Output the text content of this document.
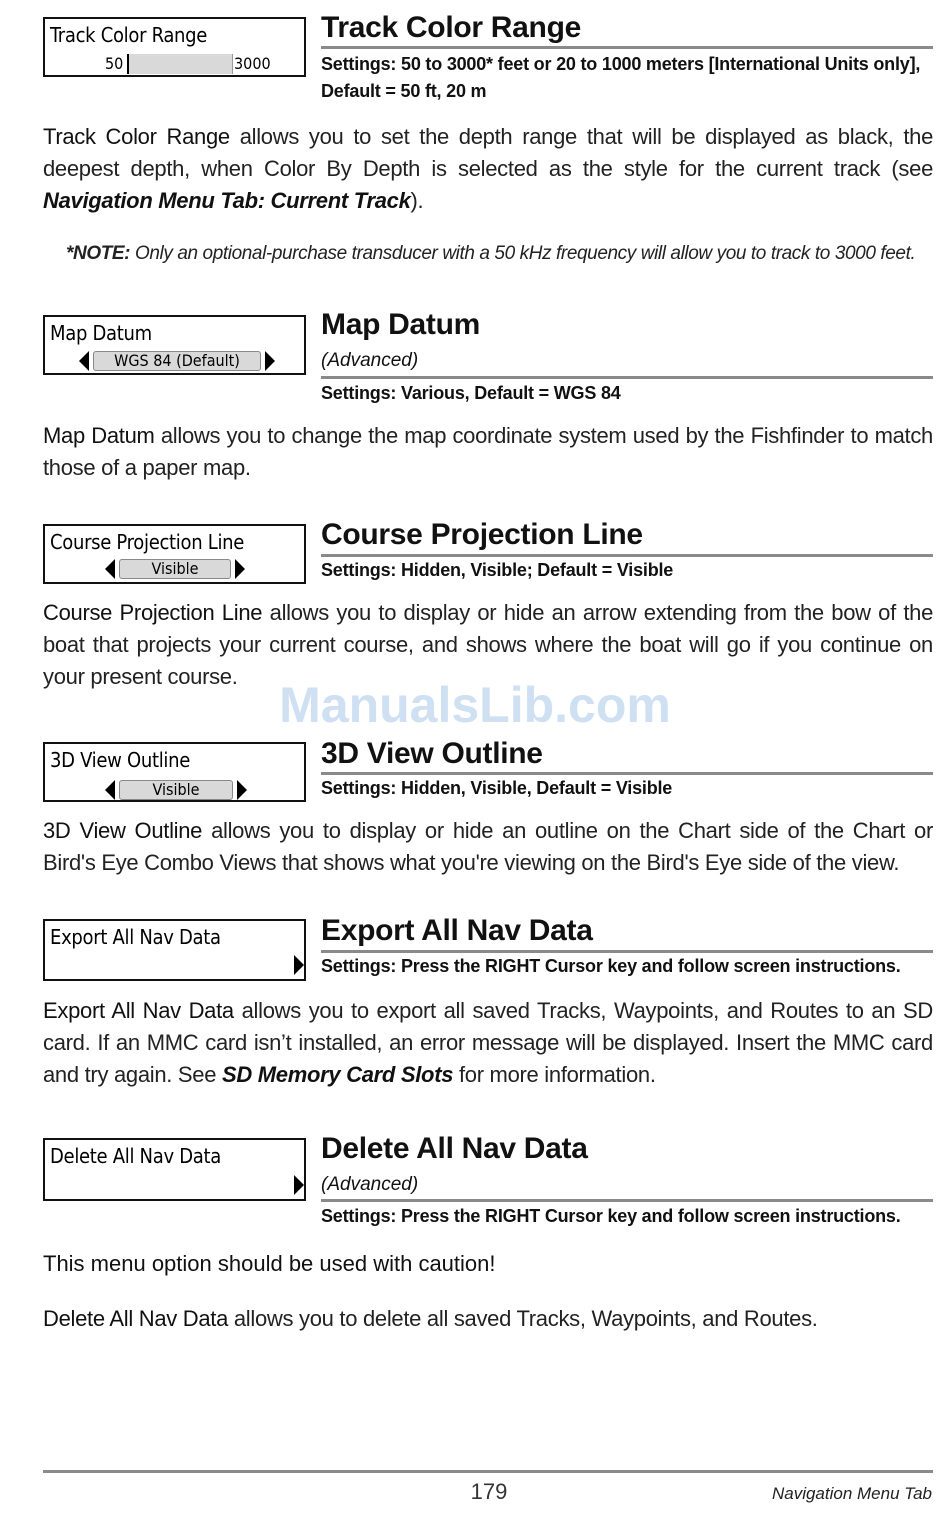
Track Color Range
50	3000
Track Color Range
Settings: 50 to 3000* feet or 20 to 1000 meters [International Units only], Default = 50 ft, 20 m
Track Color Range allows you to set the depth range that will be displayed as black, the deepest depth, when Color By Depth is selected as the style for the current track (see Navigation Menu Tab: Current Track).
*NOTE: Only an optional-purchase transducer with a 50 kHz frequency will allow you to track to 3000 feet.
Map Datum
WGS 84 (Default)
Map Datum
(Advanced)
Settings: Various, Default = WGS 84
Map Datum allows you to change the map coordinate system used by the Fishfinder to match those of a paper map.
Course Projection Line
Visible
Course Projection Line
Settings: Hidden, Visible; Default = Visible
Course Projection Line allows you to display or hide an arrow extending from the bow of the boat that projects your current course, and shows where the boat will go if you continue on your present course.
ManualsLib.com
3D View Outline
Visible
3D View Outline
Settings: Hidden, Visible, Default = Visible
3D View Outline allows you to display or hide an outline on the Chart side of the Chart or Bird's Eye Combo Views that shows what you're viewing on the Bird's Eye side of the view.
Export All Nav Data	Export All Nav Data
Settings: Press the RIGHT Cursor key and follow screen instructions.
Export All Nav Data allows you to export all saved Tracks, Waypoints, and Routes to an SD card. If an MMC card isn’t installed, an error message will be displayed. Insert the MMC card and try again. See SD Memory Card Slots for more information.
Delete All Nav Data	Delete All Nav Data
(Advanced)
Settings: Press the RIGHT Cursor key and follow screen instructions.
This menu option should be used with caution!
Delete All Nav Data allows you to delete all saved Tracks, Waypoints, and Routes.
179	Navigation Menu Tab
